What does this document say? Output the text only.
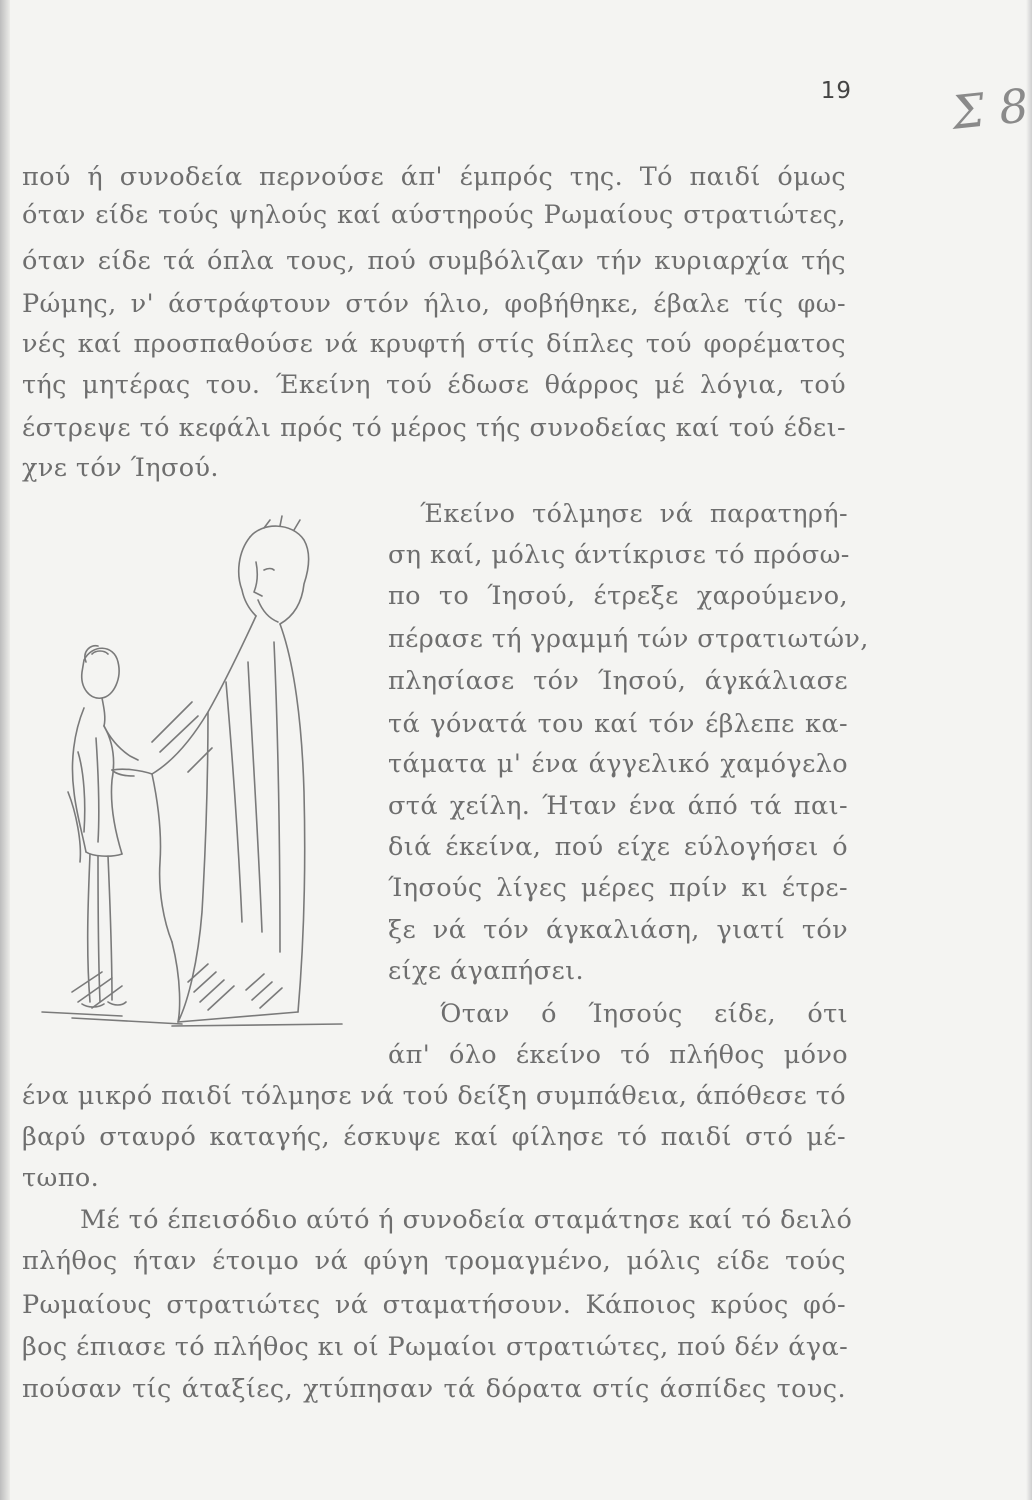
19 Σ 8
πού ή συνοδεία περνούσε άπ' έμπρός της. Τό παιδί όμως
όταν είδε τούς ψηλούς καί αύστηρούς Ρωμαίους στρατιώτες,
όταν είδε τά όπλα τους, πού συμβόλιζαν τήν κυριαρχία τής
Ρώμης, ν' άστράφτουν στόν ήλιο, φοβήθηκε, έβαλε τίς φω-
νές καί προσπαθούσε νά κρυφτή στίς δίπλες τού φορέματος
τής μητέρας του. Έκείνη τού έδωσε θάρρος μέ λόγια, τού
έστρεψε τό κεφάλι πρός τό μέρος τής συνοδείας καί τού έδει-
χνε τόν Ίησού.
Έκείνο τόλμησε νά παρατηρή-
ση καί, μόλις άντίκρισε τό πρόσω-
πο το Ίησού, έτρεξε χαρούμενο,
πέρασε τή γραμμή τών στρατιωτών,
πλησίασε τόν Ίησού, άγκάλιασε
τά γόνατά του καί τόν έβλεπε κα-
τάματα μ' ένα άγγελικό χαμόγελο
στά χείλη. Ήταν ένα άπό τά παι-
διά έκείνα, πού είχε εύλογήσει ό
Ίησούς λίγες μέρες πρίν κι έτρε-
ξε νά τόν άγκαλιάση, γιατί τόν
είχε άγαπήσει.
Όταν ό Ίησούς είδε, ότι
άπ' όλο έκείνο τό πλήθος μόνο
ένα μικρό παιδί τόλμησε νά τού δείξη συμπάθεια, άπόθεσε τό
βαρύ σταυρό καταγής, έσκυψε καί φίλησε τό παιδί στό μέ-
τωπο.
Μέ τό έπεισόδιο αύτό ή συνοδεία σταμάτησε καί τό δειλό
πλήθος ήταν έτοιμο νά φύγη τρομαγμένο, μόλις είδε τούς
Ρωμαίους στρατιώτες νά σταματήσουν. Κάποιος κρύος φό-
βος έπιασε τό πλήθος κι οί Ρωμαίοι στρατιώτες, πού δέν άγα-
πούσαν τίς άταξίες, χτύπησαν τά δόρατα στίς άσπίδες τους.
